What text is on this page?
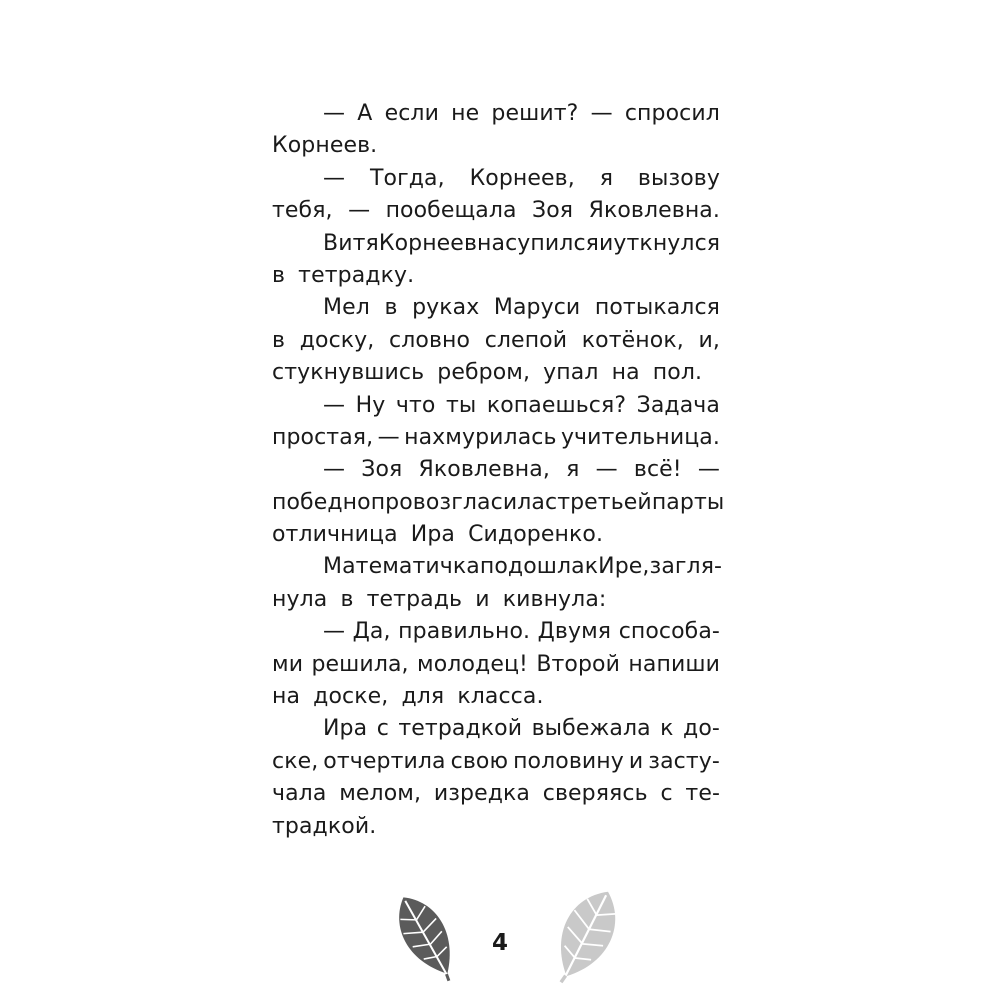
— А если не решит? — спросил
Корнеев.
— Тогда, Корнеев, я вызову
тебя, — пообещала Зоя Яковлевна.
Витя Корнеев насупился и уткнулся
в тетрадку.
Мел в руках Маруси потыкался
в доску, словно слепой котёнок, и,
стукнувшись ребром, упал на пол.
— Ну что ты копаешься? Задача
простая, — нахмурилась учительница.
— Зоя Яковлевна, я — всё! —
победно провозгласила с третьей парты
отличница Ира Сидоренко.
Математичка подошла к Ире, загля-
нула в тетрадь и кивнула:
— Да, правильно. Двумя способа-
ми решила, молодец! Второй напиши
на доске, для класса.
Ира с тетрадкой выбежала к до-
ске, отчертила свою половину и засту-
чала мелом, изредка сверяясь с те-
традкой.
4
